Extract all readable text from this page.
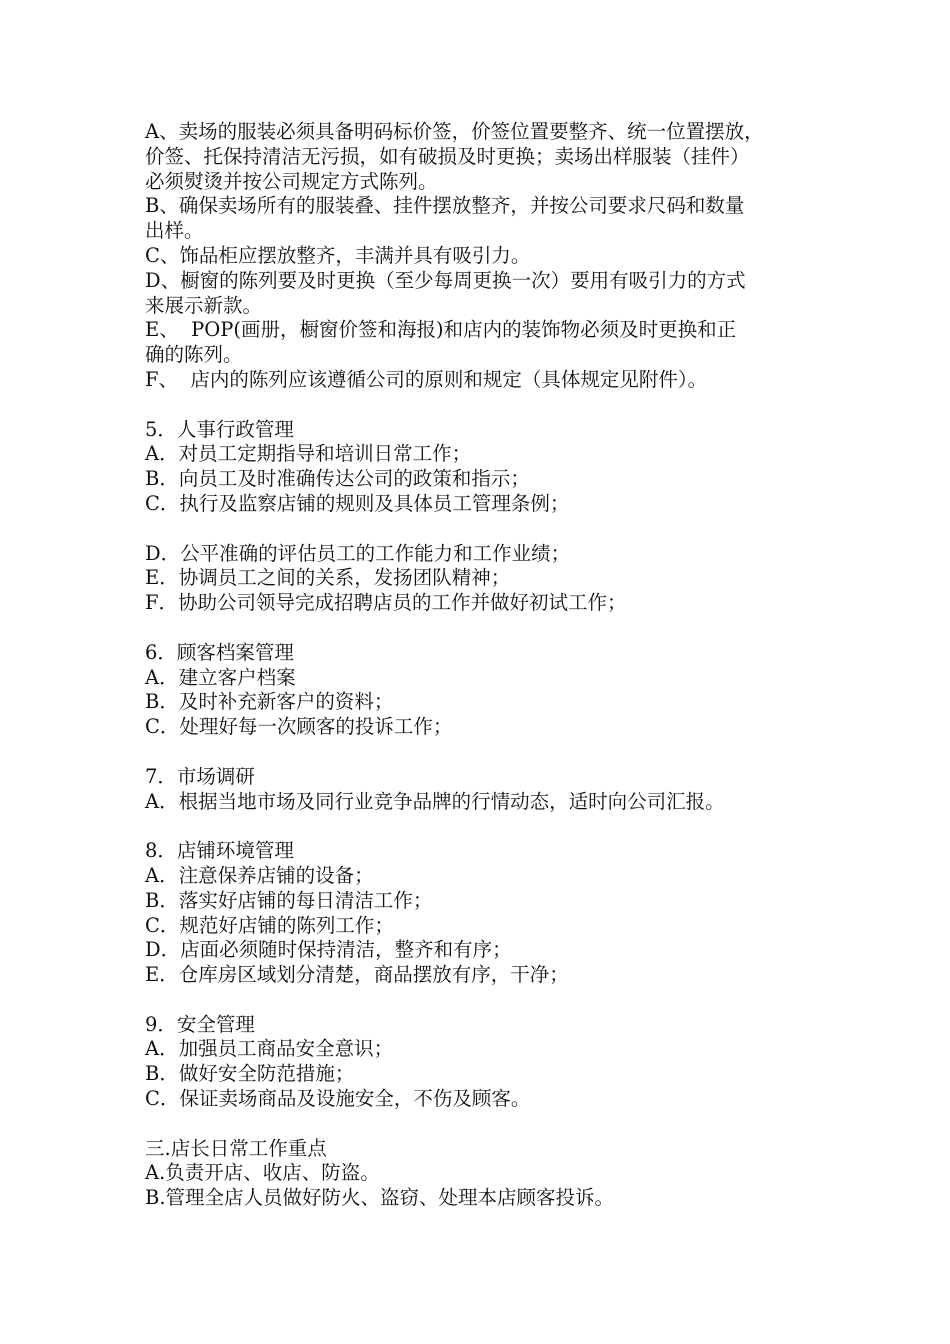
A、卖场的服装必须具备明码标价签，价签位置要整齐、统一位置摆放，

价签、托保持清洁无污损，如有破损及时更换；卖场出样服装（挂件）

必须熨烫并按公司规定方式陈列。

B、确保卖场所有的服装叠、挂件摆放整齐，并按公司要求尺码和数量

出样。

C、饰品柜应摆放整齐，丰满并具有吸引力。

D、橱窗的陈列要及时更换（至少每周更换一次）要用有吸引力的方式

来展示新款。

E、  POP(画册，橱窗价签和海报)和店内的装饰物必须及时更换和正

确的陈列。

F、  店内的陈列应该遵循公司的原则和规定（具体规定见附件）。

5．人事行政管理

A．对员工定期指导和培训日常工作；

B．向员工及时准确传达公司的政策和指示；

C．执行及监察店铺的规则及具体员工管理条例；

D．公平准确的评估员工的工作能力和工作业绩；

E．协调员工之间的关系，发扬团队精神；

F．协助公司领导完成招聘店员的工作并做好初试工作；

6．顾客档案管理

A．建立客户档案

B．及时补充新客户的资料；

C．处理好每一次顾客的投诉工作；

7．市场调研

A．根据当地市场及同行业竞争品牌的行情动态，适时向公司汇报。

8．店铺环境管理

A．注意保养店铺的设备；

B．落实好店铺的每日清洁工作；

C．规范好店铺的陈列工作；

D．店面必须随时保持清洁，整齐和有序；

E．仓库房区域划分清楚，商品摆放有序，干净；

9．安全管理

A．加强员工商品安全意识；

B．做好安全防范措施；

C．保证卖场商品及设施安全，不伤及顾客。

三.店长日常工作重点

A.负责开店、收店、防盗。

B.管理全店人员做好防火、盗窃、处理本店顾客投诉。
